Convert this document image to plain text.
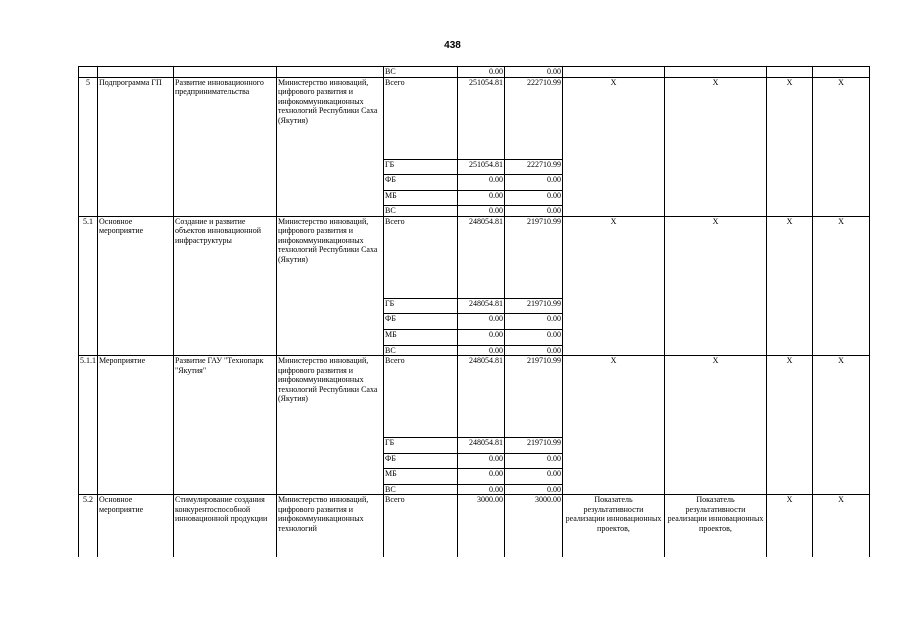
438
				ВС	0.00	0.00				
5	Подпрограмма ГП	Развитие инновационного предпринимательства	Министерство инноваций, цифрового развития и инфокоммуникационных технологий Республики Саха (Якутия)	Всего	251054.81	222710.99	Х	Х	Х	Х
				ГБ	251054.81	222710.99				
				ФБ	0.00	0.00				
				МБ	0.00	0.00				
				ВС	0.00	0.00				
5.1	Основное мероприятие	Создание и развитие объектов инновационной инфраструктуры	Министерство инноваций, цифрового развития и инфокоммуникационных технологий Республики Саха (Якутия)	Всего	248054.81	219710.99	Х	Х	Х	Х
				ГБ	248054.81	219710.99				
				ФБ	0.00	0.00				
				МБ	0.00	0.00				
				ВС	0.00	0.00				
5.1.1	Мероприятие	Развитие ГАУ "Технопарк "Якутия"	Министерство инноваций, цифрового развития и инфокоммуникационных технологий Республики Саха (Якутия)	Всего	248054.81	219710.99	Х	Х	Х	Х
				ГБ	248054.81	219710.99				
				ФБ	0.00	0.00				
				МБ	0.00	0.00				
				ВС	0.00	0.00				
5.2	Основное мероприятие	Стимулирование создания конкурентоспособной инновационной продукции	Министерство инноваций, цифрового развития и инфокоммуникационных технологий	Всего	3000.00	3000.00	Показатель результативности реализации инновационных проектов,	Показатель результативности реализации инновационных проектов,	Х	Х
